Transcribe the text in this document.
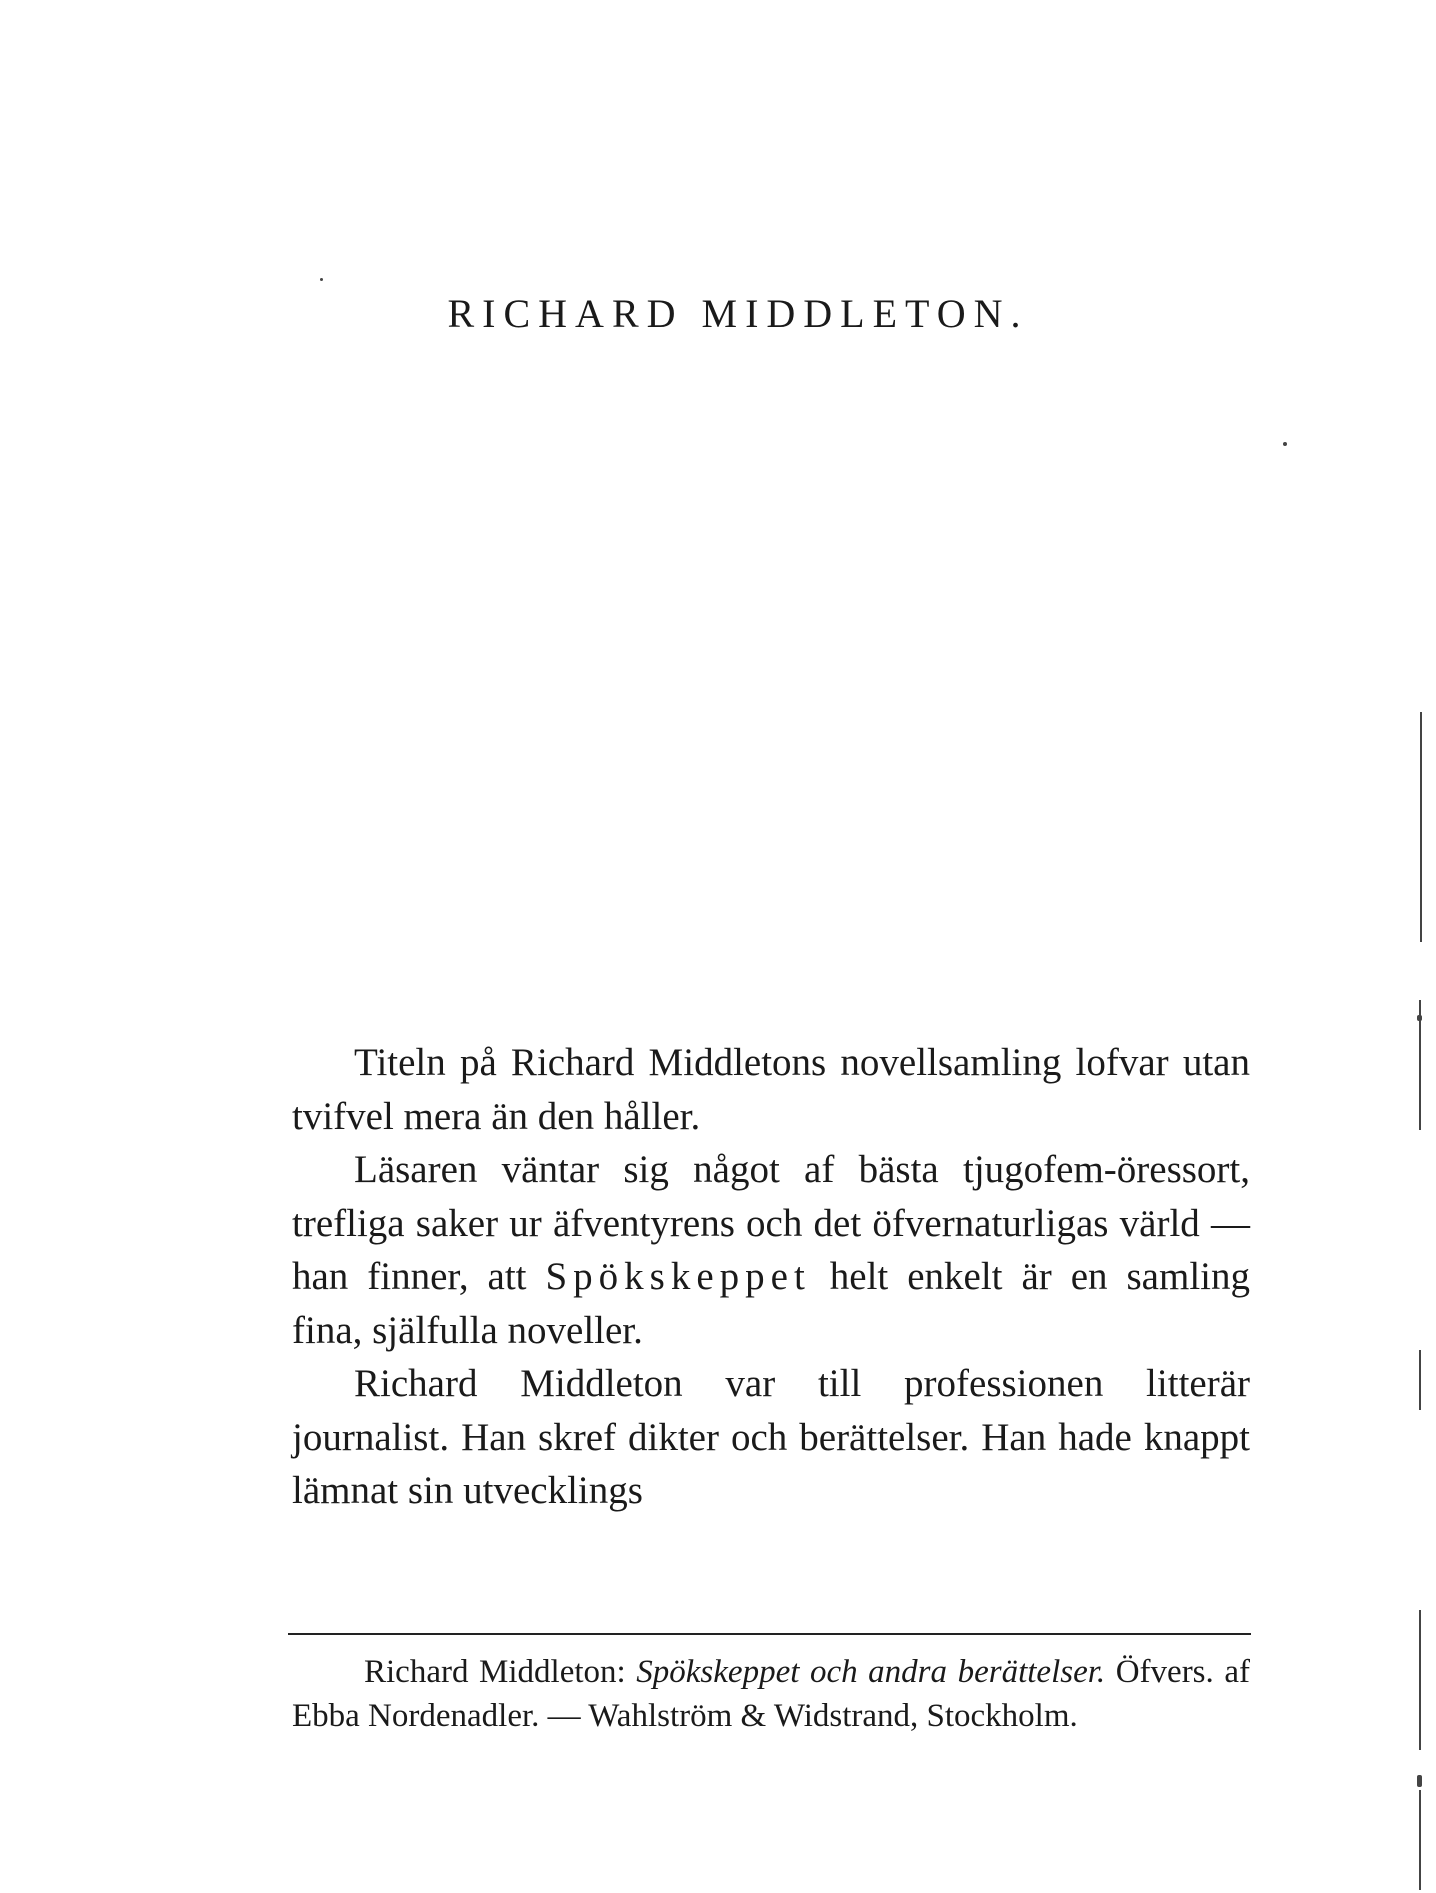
RICHARD MIDDLETON.

Titeln på Richard Middletons novellsamling lofvar utan tvifvel mera än den håller.

Läsaren väntar sig något af bästa tjugofem-öressort, trefliga saker ur äfventyrens och det öfvernaturligas värld — han finner, att Spökskeppet helt enkelt är en samling fina, själfulla noveller.

Richard Middleton var till professionen litterär journalist. Han skref dikter och berättelser. Han hade knappt lämnat sin utvecklings

Richard Middleton: Spökskeppet och andra berättelser. Öfvers. af Ebba Nordenadler. — Wahlström & Widstrand, Stockholm.
